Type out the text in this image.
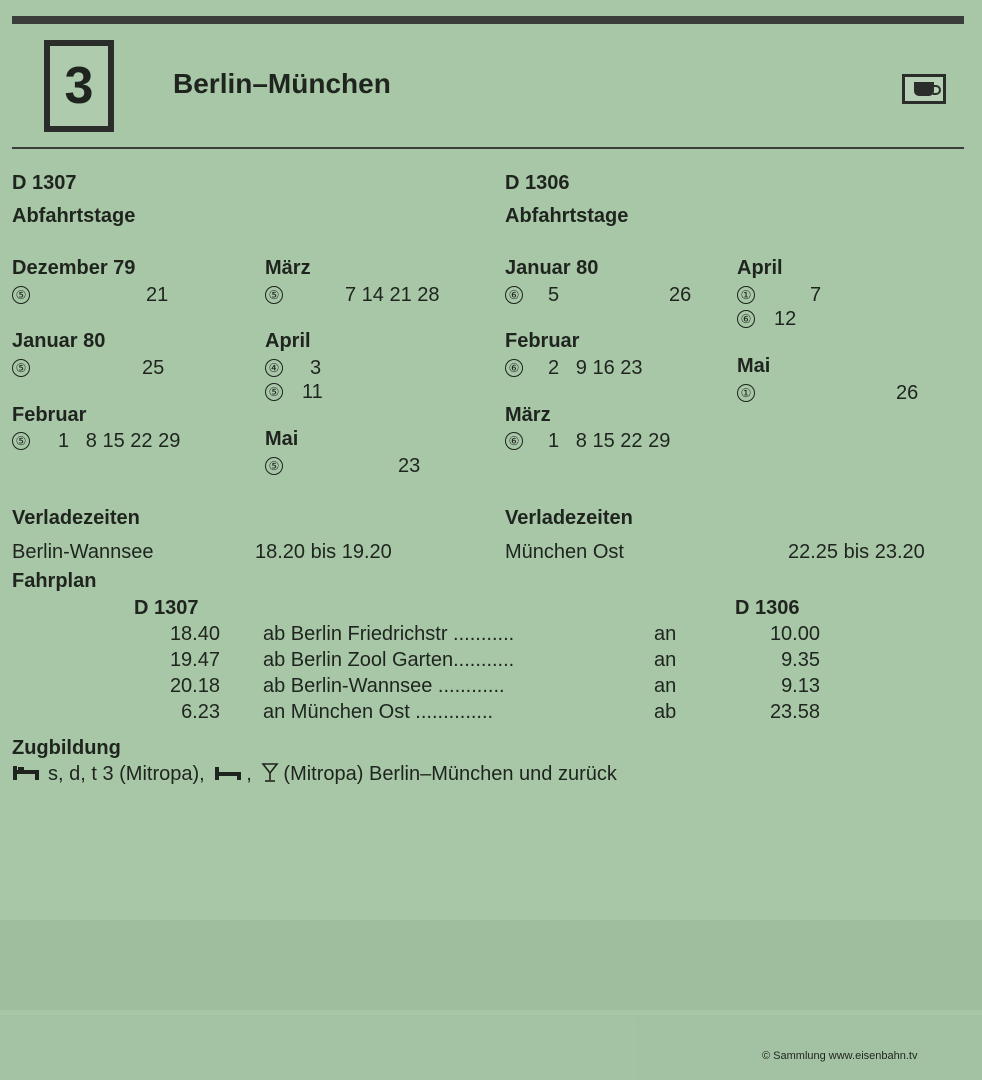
3	Berlin–München
D 1307
Abfahrtstage
Dezember 79
⑤	21
Januar 80
⑤	25
Februar
⑤	1   8 15 22 29
März
⑤	7 14 21 28
April
④	3
⑤	11
Mai
⑤	23
D 1306
Abfahrtstage
Januar 80
⑥	5	26
Februar
⑥	2   9 16 23
März
⑥	1   8 15 22 29
April
①	7
⑥	12
Mai
①	26
Verladezeiten
Berlin-Wannsee	18.20 bis 19.20
Verladezeiten
München Ost	22.25 bis 23.20
Fahrplan
D 1307	D 1306
18.40 ab Berlin Friedrichstr ...........	an	10.00
19.47 ab Berlin Zool Garten...........	an	9.35
20.18 ab Berlin-Wannsee ............	an	9.13
6.23 an München Ost ..............	ab	23.58
Zugbildung
s, d, t 3 (Mitropa), , (Mitropa) Berlin–München und zurück
© Sammlung www.eisenbahn.tv
